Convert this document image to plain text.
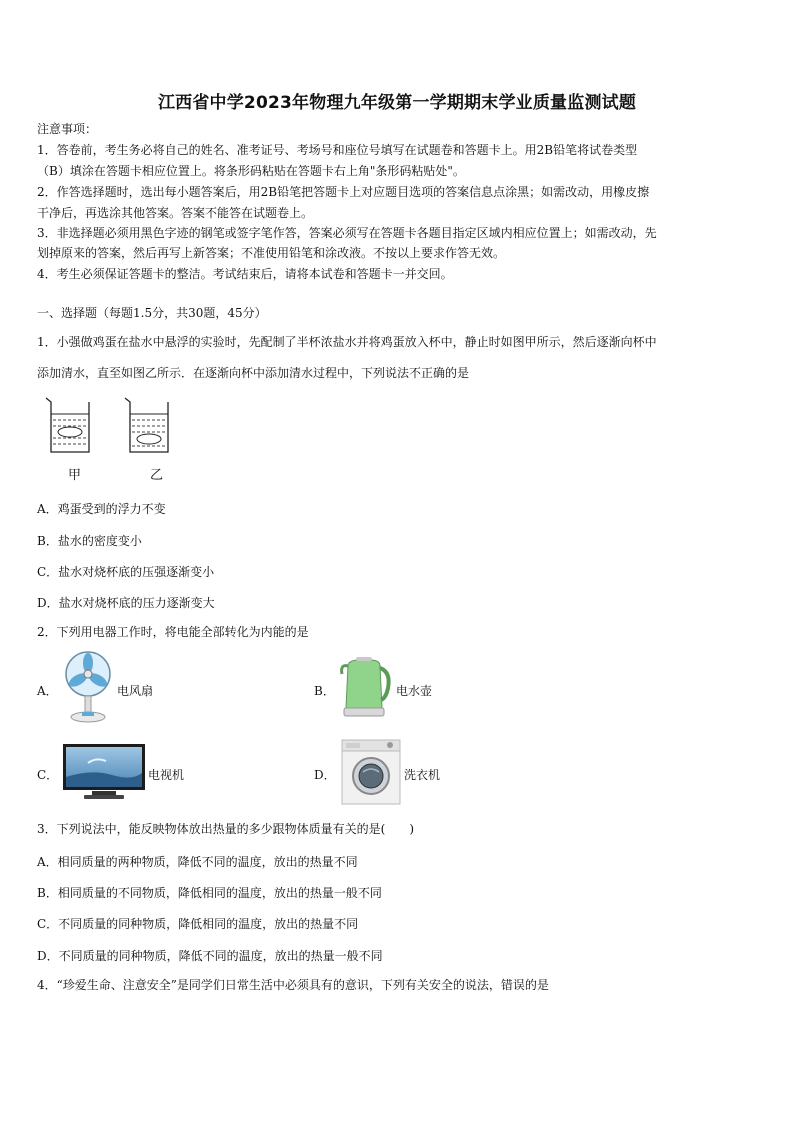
江西省中学2023年物理九年级第一学期期末学业质量监测试题
注意事项：
1．答卷前，考生务必将自己的姓名、准考证号、考场号和座位号填写在试题卷和答题卡上。用2B铅笔将试卷类型
（B）填涂在答题卡相应位置上。将条形码粘贴在答题卡右上角"条形码粘贴处"。
2．作答选择题时，选出每小题答案后，用2B铅笔把答题卡上对应题目选项的答案信息点涂黑；如需改动，用橡皮擦
干净后，再选涂其他答案。答案不能答在试题卷上。
3．非选择题必须用黑色字迹的钢笔或签字笔作答，答案必须写在答题卡各题目指定区域内相应位置上；如需改动，先
划掉原来的答案，然后再写上新答案；不准使用铅笔和涂改液。不按以上要求作答无效。
4．考生必须保证答题卡的整洁。考试结束后，请将本试卷和答题卡一并交回。
一、选择题（每题1.5分，共30题，45分）
1．小强做鸡蛋在盐水中悬浮的实验时，先配制了半杯浓盐水并将鸡蛋放入杯中，静止时如图甲所示，然后逐渐向杯中
添加清水，直至如图乙所示．在逐渐向杯中添加清水过程中，下列说法不正确的是
甲	乙
A．鸡蛋受到的浮力不变
B．盐水的密度变小
C．盐水对烧杯底的压强逐渐变小
D．盐水对烧杯底的压力逐渐变大
2．下列用电器工作时，将电能全部转化为内能的是
A．	电风扇	B．	电水壶
C．	电视机	D．	洗衣机
3．下列说法中，能反映物体放出热量的多少跟物体质量有关的是(　　)
A．相同质量的两种物质，降低不同的温度，放出的热量不同
B．相同质量的不同物质，降低相同的温度，放出的热量一般不同
C．不同质量的同种物质，降低相同的温度，放出的热量不同
D．不同质量的同种物质，降低不同的温度，放出的热量一般不同
4．“珍爱生命、注意安全”是同学们日常生活中必须具有的意识，下列有关安全的说法，错误的是
